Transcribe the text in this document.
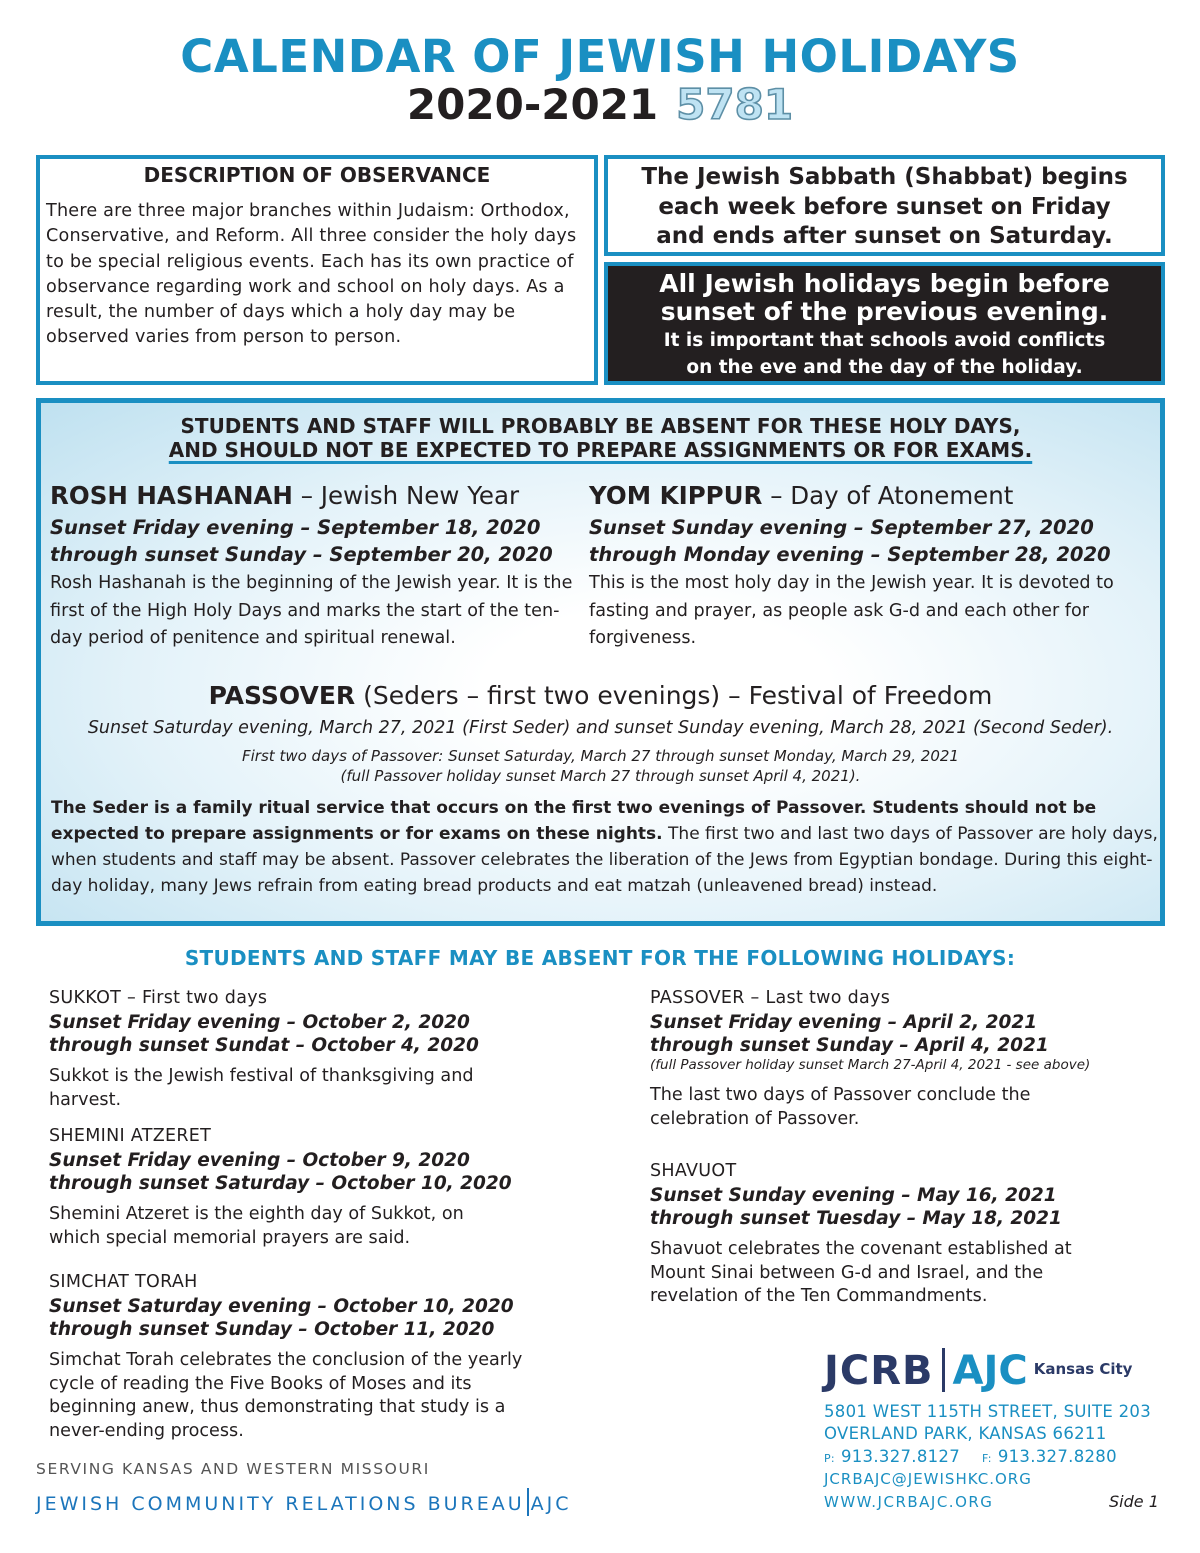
CALENDAR OF JEWISH HOLIDAYS
2020-2021 5781
DESCRIPTION OF OBSERVANCE
There are three major branches within Judaism: Orthodox, Conservative, and Reform. All three consider the holy days to be special religious events. Each has its own practice of observance regarding work and school on holy days. As a result, the number of days which a holy day may be observed varies from person to person.
The Jewish Sabbath (Shabbat) begins
each week before sunset on Friday
and ends after sunset on Saturday.
All Jewish holidays begin before
sunset of the previous evening.
It is important that schools avoid conflicts
on the eve and the day of the holiday.
STUDENTS AND STAFF WILL PROBABLY BE ABSENT FOR THESE HOLY DAYS,
AND SHOULD NOT BE EXPECTED TO PREPARE ASSIGNMENTS OR FOR EXAMS.
ROSH HASHANAH – Jewish New Year
Sunset Friday evening – September 18, 2020
through sunset Sunday – September 20, 2020
Rosh Hashanah is the beginning of the Jewish year. It is the first of the High Holy Days and marks the start of the ten-day period of penitence and spiritual renewal.
YOM KIPPUR – Day of Atonement
Sunset Sunday evening – September 27, 2020
through Monday evening – September 28, 2020
This is the most holy day in the Jewish year. It is devoted to fasting and prayer, as people ask G-d and each other for forgiveness.
PASSOVER (Seders – first two evenings) – Festival of Freedom
Sunset Saturday evening, March 27, 2021 (First Seder) and sunset Sunday evening, March 28, 2021 (Second Seder).
First two days of Passover: Sunset Saturday, March 27 through sunset Monday, March 29, 2021
(full Passover holiday sunset March 27 through sunset April 4, 2021).
The Seder is a family ritual service that occurs on the first two evenings of Passover. Students should not be expected to prepare assignments or for exams on these nights. The first two and last two days of Passover are holy days, when students and staff may be absent. Passover celebrates the liberation of the Jews from Egyptian bondage. During this eight-day holiday, many Jews refrain from eating bread products and eat matzah (unleavened bread) instead.
STUDENTS AND STAFF MAY BE ABSENT FOR THE FOLLOWING HOLIDAYS:
SUKKOT – First two days
Sunset Friday evening – October 2, 2020
through sunset Sundat – October 4, 2020
Sukkot is the Jewish festival of thanksgiving and harvest.
SHEMINI ATZERET
Sunset Friday evening – October 9, 2020
through sunset Saturday – October 10, 2020
Shemini Atzeret is the eighth day of Sukkot, on which special memorial prayers are said.
SIMCHAT TORAH
Sunset Saturday evening – October 10, 2020
through sunset Sunday – October 11, 2020
Simchat Torah celebrates the conclusion of the yearly cycle of reading the Five Books of Moses and its beginning anew, thus demonstrating that study is a never-ending process.
PASSOVER – Last two days
Sunset Friday evening – April 2, 2021
through sunset Sunday – April 4, 2021
(full Passover holiday sunset March 27-April 4, 2021 - see above)
The last two days of Passover conclude the celebration of Passover.
SHAVUOT
Sunset Sunday evening – May 16, 2021
through sunset Tuesday – May 18, 2021
Shavuot celebrates the covenant established at Mount Sinai between G-d and Israel, and the revelation of the Ten Commandments.
SERVING KANSAS AND WESTERN MISSOURI
JEWISH COMMUNITY RELATIONS BUREAU AJC
JCRB AJC Kansas City
5801 WEST 115TH STREET, SUITE 203
OVERLAND PARK, KANSAS 66211
P: 913.327.8127 F: 913.327.8280
JCRBAJC@JEWISHKC.ORG
WWW.JCRBAJC.ORG	Side 1
